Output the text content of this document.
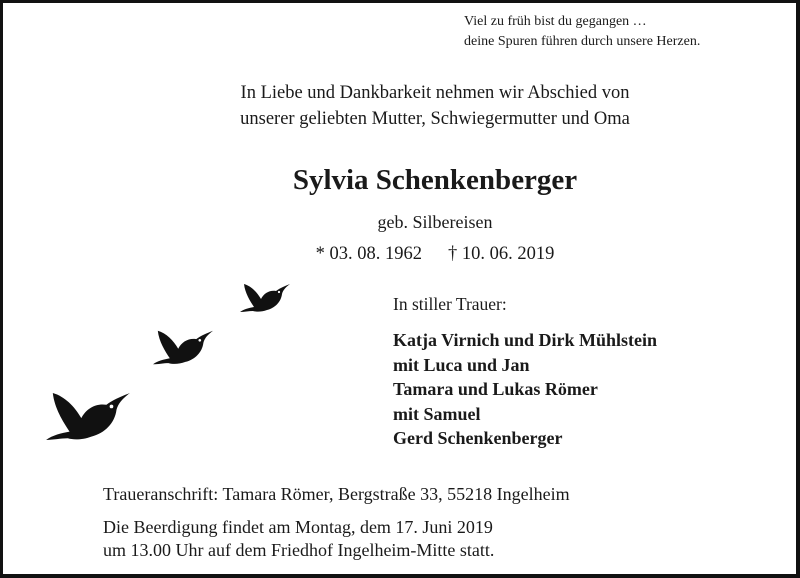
Viel zu früh bist du gegangen …
deine Spuren führen durch unsere Herzen.
In Liebe und Dankbarkeit nehmen wir Abschied von
unserer geliebten Mutter, Schwiegermutter und Oma
Sylvia Schenkenberger
geb. Silbereisen
* 03. 08. 1962 † 10. 06. 2019
In stiller Trauer:
Katja Virnich und Dirk Mühlstein
mit Luca und Jan
Tamara und Lukas Römer
mit Samuel
Gerd Schenkenberger
Traueranschrift: Tamara Römer, Bergstraße 33, 55218 Ingelheim
Die Beerdigung findet am Montag, dem 17. Juni 2019
um 13.00 Uhr auf dem Friedhof Ingelheim-Mitte statt.
